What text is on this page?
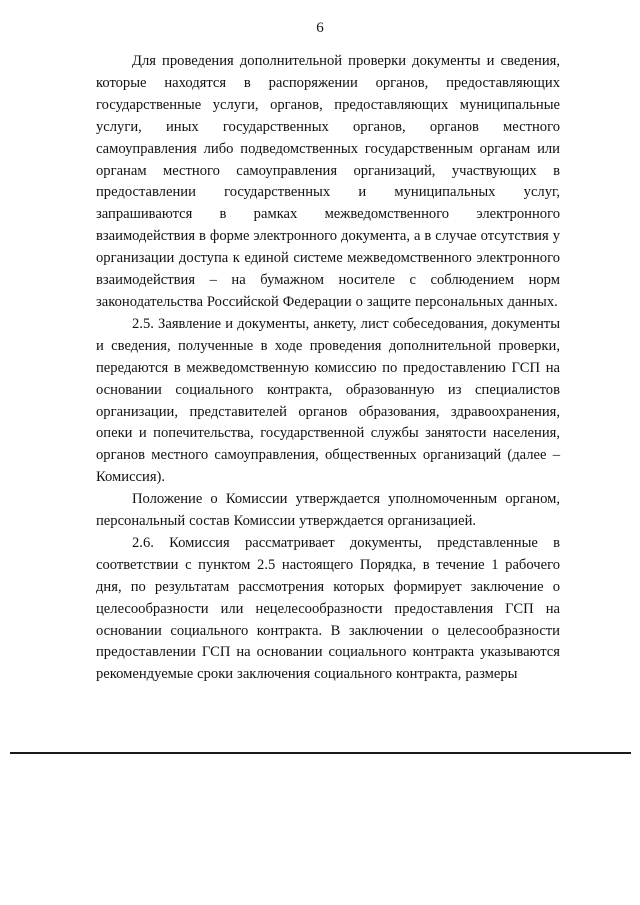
6

Для проведения дополнительной проверки документы и сведения, которые находятся в распоряжении органов, предоставляющих государственные услуги, органов, предоставляющих муниципальные услуги, иных государственных органов, органов местного самоуправления либо подведомственных государственным органам или органам местного самоуправления организаций, участвующих в предоставлении государственных и муниципальных услуг, запрашиваются в рамках межведомственного электронного взаимодействия в форме электронного документа, а в случае отсутствия у организации доступа к единой системе межведомственного электронного взаимодействия – на бумажном носителе с соблюдением норм законодательства Российской Федерации о защите персональных данных.

2.5. Заявление и документы, анкету, лист собеседования, документы и сведения, полученные в ходе проведения дополнительной проверки, передаются в межведомственную комиссию по предоставлению ГСП на основании социального контракта, образованную из специалистов организации, представителей органов образования, здравоохранения, опеки и попечительства, государственной службы занятости населения, органов местного самоуправления, общественных организаций (далее – Комиссия).

Положение о Комиссии утверждается уполномоченным органом, персональный состав Комиссии утверждается организацией.

2.6. Комиссия рассматривает документы, представленные в соответствии с пунктом 2.5 настоящего Порядка, в течение 1 рабочего дня, по результатам рассмотрения которых формирует заключение о целесообразности или нецелесообразности предоставления ГСП на основании социального контракта. В заключении о целесообразности предоставлении ГСП на основании социального контракта указываются рекомендуемые сроки заключения социального контракта, размеры
